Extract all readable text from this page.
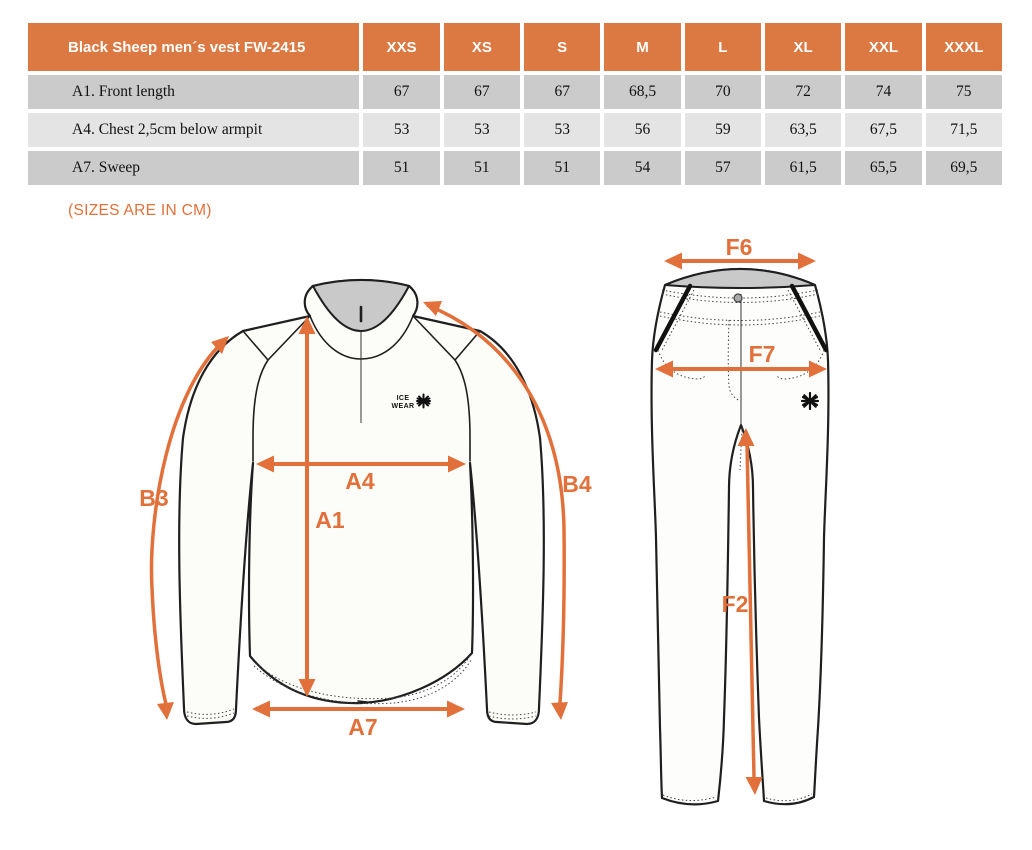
Black Sheep men´s vest FW-2415	XXS	XS	S	M	L	XL	XXL	XXXL
A1. Front length	67	67	67	68,5	70	72	74	75
A4. Chest 2,5cm below armpit	53	53	53	56	59	63,5	67,5	71,5
A7. Sweep	51	51	51	54	57	61,5	65,5	69,5
(SIZES ARE IN CM)
ICE
WEAR
B3
A4
A1
A7
B4
F6
F7
F2
